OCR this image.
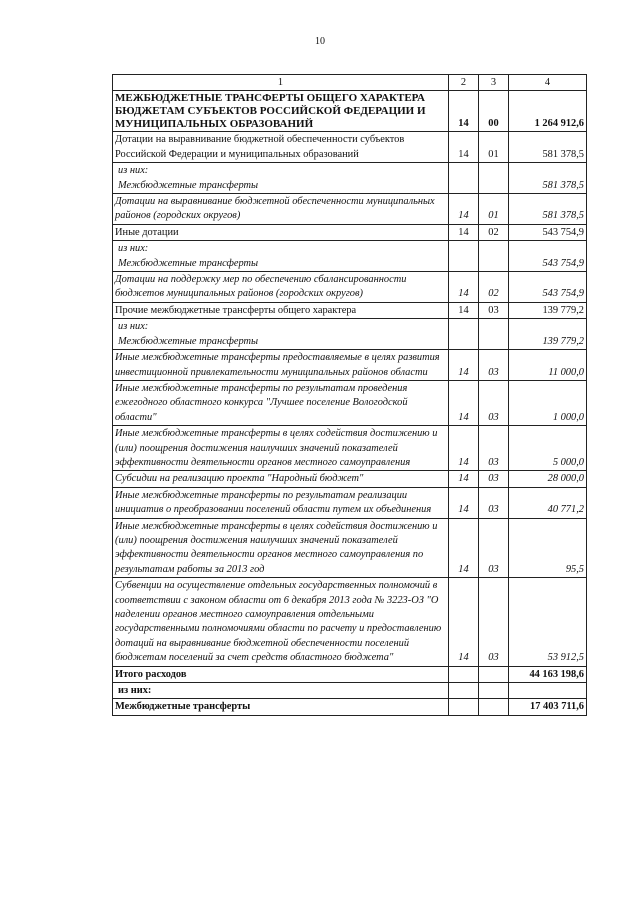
10
1	2	3	4
МЕЖБЮДЖЕТНЫЕ ТРАНСФЕРТЫ ОБЩЕГО ХАРАКТЕРА БЮДЖЕТАМ СУБЪЕКТОВ РОССИЙСКОЙ ФЕДЕРАЦИИ И МУНИЦИПАЛЬНЫХ ОБРАЗОВАНИЙ	14	00	1 264 912,6
Дотации на выравнивание бюджетной обеспеченности субъектов Российской Федерации и муниципальных образований	14	01	581 378,5
из них:
Межбюджетные трансферты			581 378,5
Дотации на выравнивание бюджетной обеспеченности муниципальных районов (городских округов)	14	01	581 378,5
Иные дотации	14	02	543 754,9
из них:
Межбюджетные трансферты			543 754,9
Дотации на поддержку мер по обеспечению сбалансированности бюджетов муниципальных районов (городских округов)	14	02	543 754,9
Прочие межбюджетные трансферты общего характера	14	03	139 779,2
из них:
Межбюджетные трансферты			139 779,2
Иные межбюджетные трансферты предоставляемые в целях развития инвестиционной привлекательности муниципальных районов области	14	03	11 000,0
Иные межбюджетные трансферты по результатам проведения ежегодного областного конкурса "Лучшее поселение Вологодской области"	14	03	1 000,0
Иные межбюджетные трансферты в целях содействия достижению и (или) поощрения достижения наилучших значений показателей эффективности деятельности органов местного самоуправления	14	03	5 000,0
Субсидии на реализацию проекта "Народный бюджет"	14	03	28 000,0
Иные межбюджетные трансферты по результатам реализации инициатив о преобразовании поселений области путем их объединения	14	03	40 771,2
Иные межбюджетные трансферты в целях содействия достижению и (или) поощрения достижения наилучших значений показателей эффективности деятельности органов местного самоуправления по результатам работы за 2013 год	14	03	95,5
Субвенции на осуществление отдельных государственных полномочий в соответствии с законом области от 6 декабря 2013 года № 3223-ОЗ "О наделении органов местного самоуправления отдельными государственными полномочиями области по расчету и предоставлению дотаций на выравнивание бюджетной обеспеченности поселений бюджетам поселений за счет средств областного бюджета"	14	03	53 912,5
Итого расходов			44 163 198,6
из них:			
Межбюджетные трансферты			17 403 711,6
